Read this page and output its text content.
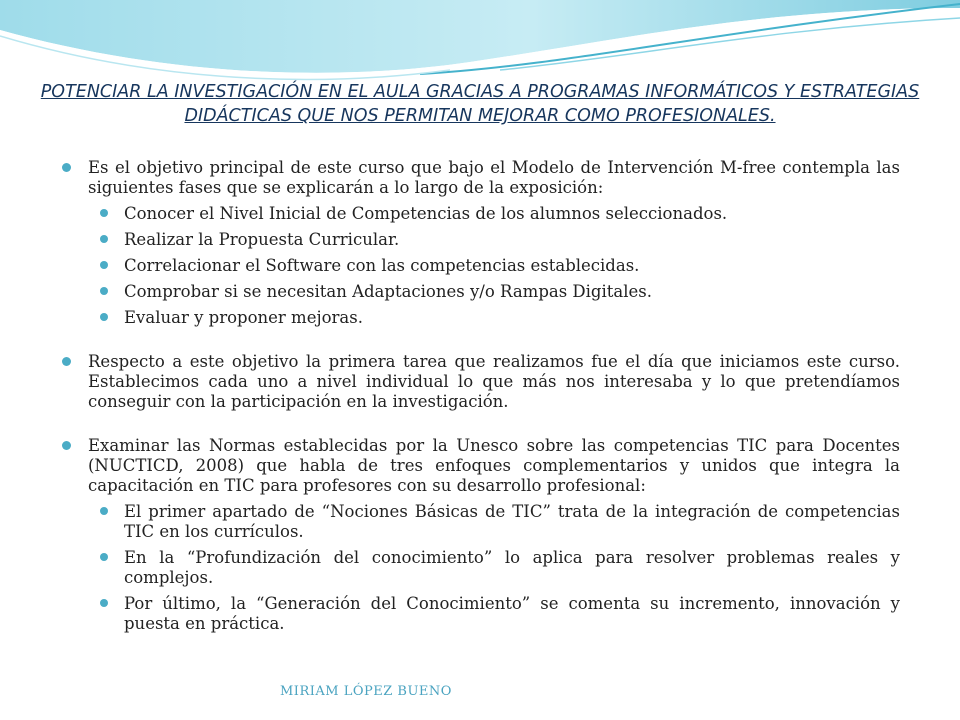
POTENCIAR LA INVESTIGACIÓN EN EL AULA GRACIAS A PROGRAMAS INFORMÁTICOS Y ESTRATEGIAS DIDÁCTICAS QUE NOS PERMITAN MEJORAR COMO PROFESIONALES.
Es el objetivo principal de este curso que bajo el Modelo de Intervención M-free contempla las siguientes fases que se explicarán a lo largo de la exposición:
Conocer el Nivel Inicial de Competencias de los alumnos seleccionados.
Realizar la Propuesta Curricular.
Correlacionar el Software con las competencias establecidas.
Comprobar si se necesitan Adaptaciones y/o Rampas Digitales.
Evaluar y proponer mejoras.
Respecto a este objetivo la primera tarea que realizamos fue el día que iniciamos este curso. Establecimos cada uno a nivel individual lo que más nos interesaba y lo que pretendíamos conseguir con la participación en la investigación.
Examinar las Normas establecidas por la Unesco sobre las competencias TIC para Docentes (NUCTICD, 2008) que habla de tres enfoques complementarios y unidos que integra la capacitación en TIC para profesores con su desarrollo profesional:
El primer apartado de “Nociones Básicas de TIC” trata de la integración de competencias TIC en los currículos.
En la “Profundización del conocimiento” lo aplica para resolver problemas reales y complejos.
Por último, la “Generación del Conocimiento” se comenta su incremento, innovación y puesta en práctica.
MIRIAM LÓPEZ BUENO
